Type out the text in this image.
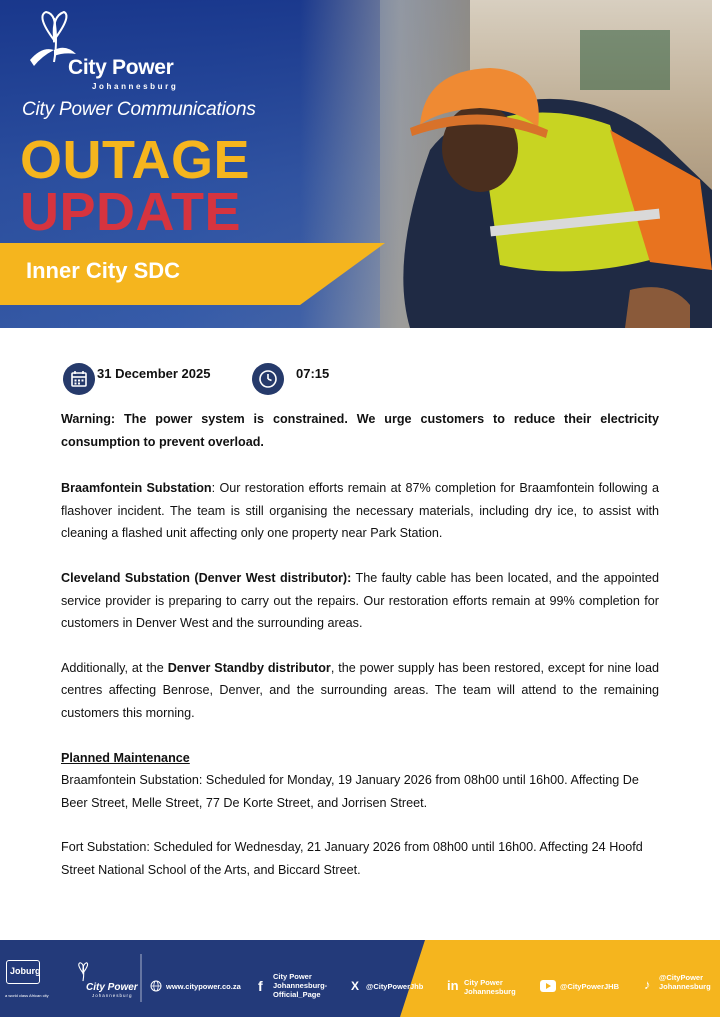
City Power
Johannesburg
City Power Communications
OUTAGE
UPDATE
Inner City SDC
31 December 2025	07:15

Warning: The power system is constrained. We urge customers to reduce their electricity consumption to prevent overload.

Braamfontein Substation: Our restoration efforts remain at 87% completion for Braamfontein following a flashover incident. The team is still organising the necessary materials, including dry ice, to assist with cleaning a flashed unit affecting only one property near Park Station.

Cleveland Substation (Denver West distributor): The faulty cable has been located, and the appointed service provider is preparing to carry out the repairs. Our restoration efforts remain at 99% completion for customers in Denver West and the surrounding areas.

Additionally, at the Denver Standby distributor, the power supply has been restored, except for nine load centres affecting Benrose, Denver, and the surrounding areas. The team will attend to the remaining customers this morning.

Planned Maintenance

Braamfontein Substation: Scheduled for Monday, 19 January 2026 from 08h00 until 16h00. Affecting De Beer Street, Melle Street, 77 De Korte Street, and Jorrisen Street.

Fort Substation: Scheduled for Wednesday, 21 January 2026 from 08h00 until 16h00. Affecting 24 Hoofd Street National School of the Arts, and Biccard Street.

Joburg
a world class African city
City Power
Johannesburg
www.citypower.co.za f
City Power Johannesburg-Official_Page
X @CityPowerJhb in City Power Johannesburg
@CityPowerJHB ♪ @CityPower Johannesburg
